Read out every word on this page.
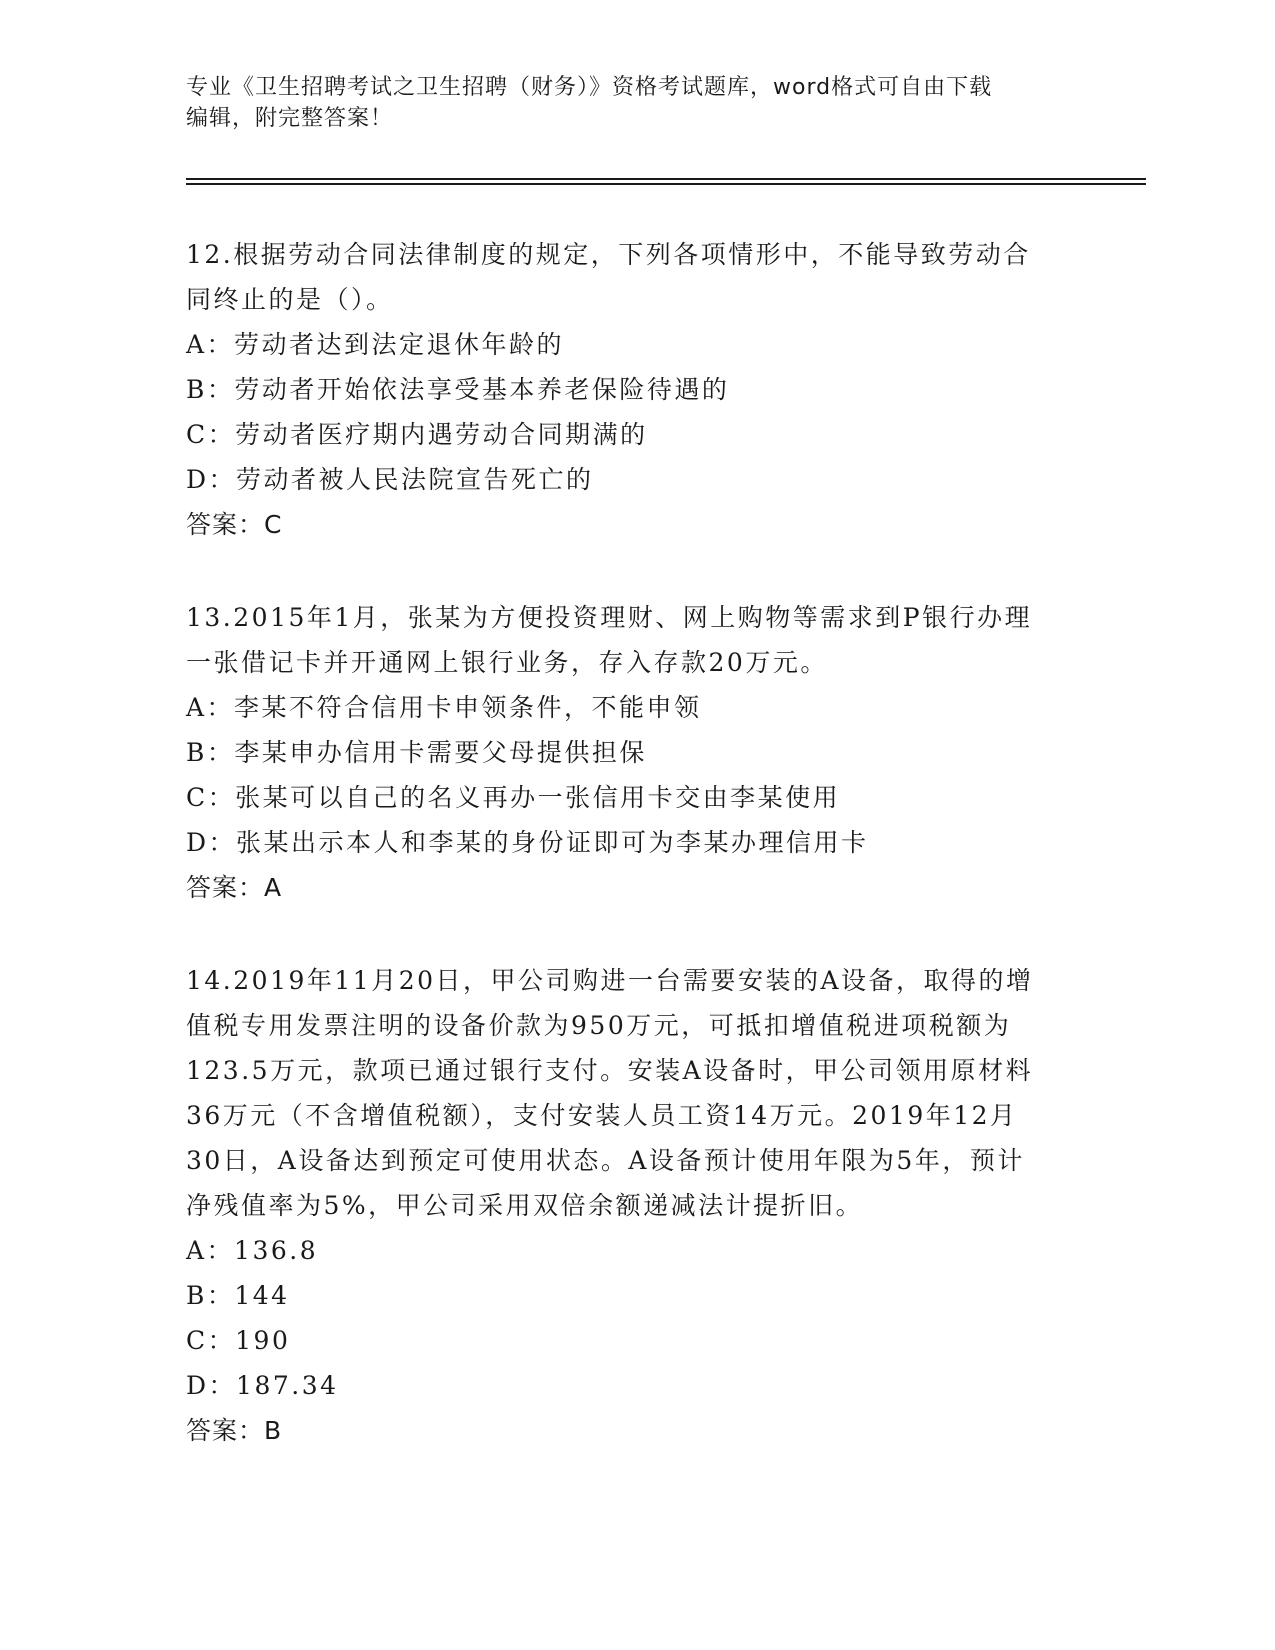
专业《卫生招聘考试之卫生招聘（财务）》资格考试题库，word格式可自由下载
编辑，附完整答案！
12.根据劳动合同法律制度的规定，下列各项情形中，不能导致劳动合
同终止的是（）。
A：劳动者达到法定退休年龄的
B：劳动者开始依法享受基本养老保险待遇的
C：劳动者医疗期内遇劳动合同期满的
D：劳动者被人民法院宣告死亡的
答案：C
13.2015年1月，张某为方便投资理财、网上购物等需求到P银行办理
一张借记卡并开通网上银行业务，存入存款20万元。
A：李某不符合信用卡申领条件，不能申领
B：李某申办信用卡需要父母提供担保
C：张某可以自己的名义再办一张信用卡交由李某使用
D：张某出示本人和李某的身份证即可为李某办理信用卡
答案：A
14.2019年11月20日，甲公司购进一台需要安装的A设备，取得的增
值税专用发票注明的设备价款为950万元，可抵扣增值税进项税额为
123.5万元，款项已通过银行支付。安装A设备时，甲公司领用原材料
36万元（不含增值税额），支付安装人员工资14万元。2019年12月
30日，A设备达到预定可使用状态。A设备预计使用年限为5年，预计
净残值率为5%，甲公司采用双倍余额递减法计提折旧。
A：136.8
B：144
C：190
D：187.34
答案：B
